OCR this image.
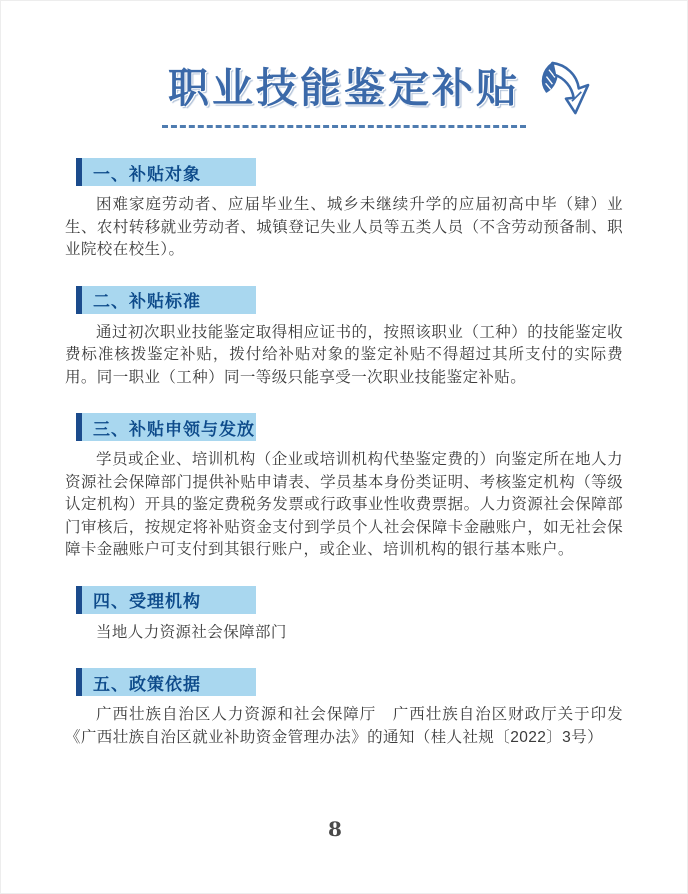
职业技能鉴定补贴
一、补贴对象

困难家庭劳动者、应届毕业生、城乡未继续升学的应届初高中毕（肄）业生、农村转移就业劳动者、城镇登记失业人员等五类人员（不含劳动预备制、职业院校在校生）。

二、补贴标准

通过初次职业技能鉴定取得相应证书的，按照该职业（工种）的技能鉴定收费标准核拨鉴定补贴，拨付给补贴对象的鉴定补贴不得超过其所支付的实际费用。同一职业（工种）同一等级只能享受一次职业技能鉴定补贴。

三、补贴申领与发放

学员或企业、培训机构（企业或培训机构代垫鉴定费的）向鉴定所在地人力资源社会保障部门提供补贴申请表、学员基本身份类证明、考核鉴定机构（等级认定机构）开具的鉴定费税务发票或行政事业性收费票据。人力资源社会保障部门审核后，按规定将补贴资金支付到学员个人社会保障卡金融账户，如无社会保障卡金融账户可支付到其银行账户，或企业、培训机构的银行基本账户。

四、受理机构

当地人力资源社会保障部门

五、政策依据

广西壮族自治区人力资源和社会保障厅　广西壮族自治区财政厅关于印发《广西壮族自治区就业补助资金管理办法》的通知（桂人社规〔2022〕3号）

8
